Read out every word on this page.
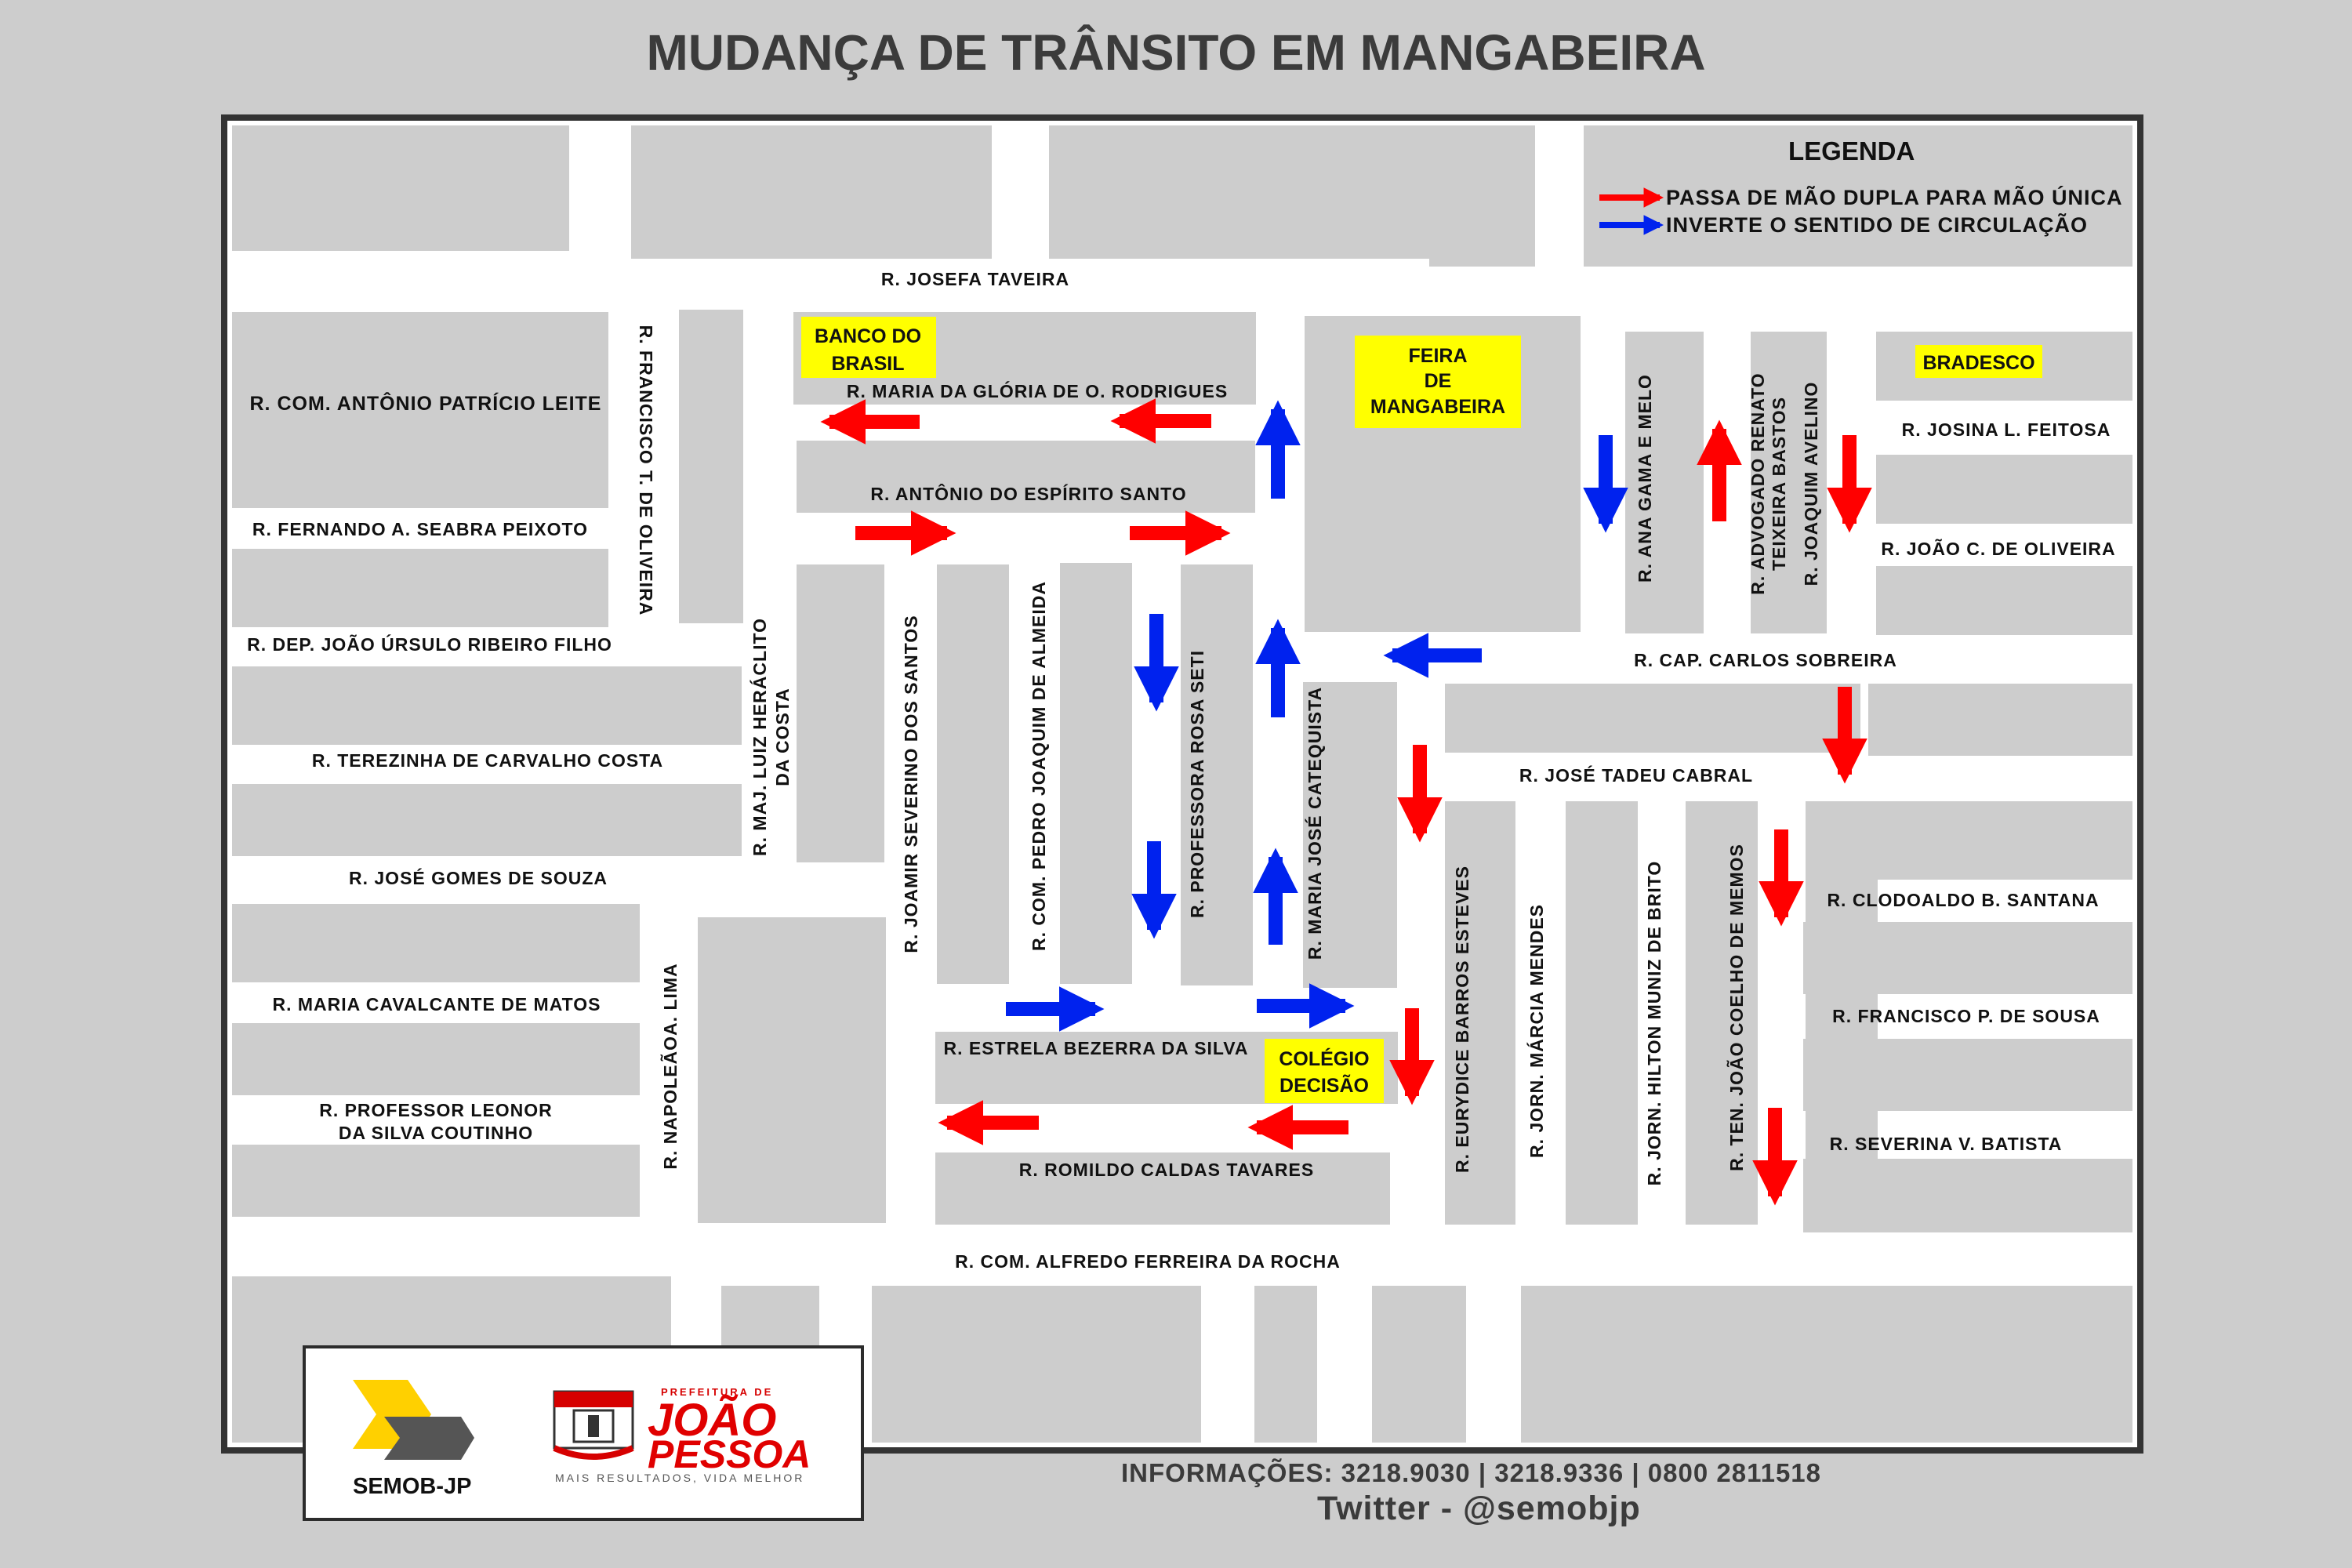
BANCO DO
BRASIL	FEIRA
DE
MANGABEIRA
BRADESCO
COLÉGIO
DECISÃO
R. JOSEFA TAVEIRA
R. COM. ANTÔNIO PATRÍCIO LEITE
R. MARIA DA GLÓRIA DE O. RODRIGUES
R. ANTÔNIO DO ESPÍRITO SANTO
R. FERNANDO A. SEABRA PEIXOTO
R. DEP. JOÃO ÚRSULO RIBEIRO FILHO
R. TEREZINHA DE CARVALHO COSTA
R. JOSÉ GOMES DE SOUZA
R. MARIA CAVALCANTE DE MATOS
R. PROFESSOR LEONOR
DA SILVA COUTINHO
R. ESTRELA BEZERRA DA SILVA
R. ROMILDO CALDAS TAVARES
R. COM. ALFREDO FERREIRA DA ROCHA
R. JOSINA L. FEITOSA
R. JOÃO C. DE OLIVEIRA
R. CAP. CARLOS SOBREIRA
R. JOSÉ TADEU CABRAL
R. CLODOALDO B. SANTANA
R. FRANCISCO P. DE SOUSA
R. SEVERINA V. BATISTA
R. FRANCISCO T. DE OLIVEIRA
R. MAJ. LUIZ HERÁCLITO DA COSTA	R. JOAMIR SEVERINO DOS SANTOS	R. COM. PEDRO JOAQUIM DE ALMEIDA	R. PROFESSORA ROSA SETI	R. MARIA JOSÉ CATEQUISTA
R. NAPOLEÃOA. LIMA
R. ANA GAMA E MELO	R. ADVOGADO RENATO TEIXEIRA BASTOS R. JOAQUIM AVELINO
R. EURYDICE BARROS ESTEVES	R. JORN. MÁRCIA MENDES	R. JORN. HILTON MUNIZ DE BRITO	R. TEN. JOÃO COELHO DE MEMOS
MUDANÇA DE TRÂNSITO EM MANGABEIRA
LEGENDA
PASSA DE MÃO DUPLA PARA MÃO ÚNICA
INVERTE O SENTIDO DE CIRCULAÇÃO
SEMOB-JP
PREFEITURA DE
JOÃO
PESSOA
MAIS RESULTADOS, VIDA MELHOR	INFORMAÇÕES: 3218.9030 | 3218.9336 | 0800 2811518
Twitter - @semobjp
